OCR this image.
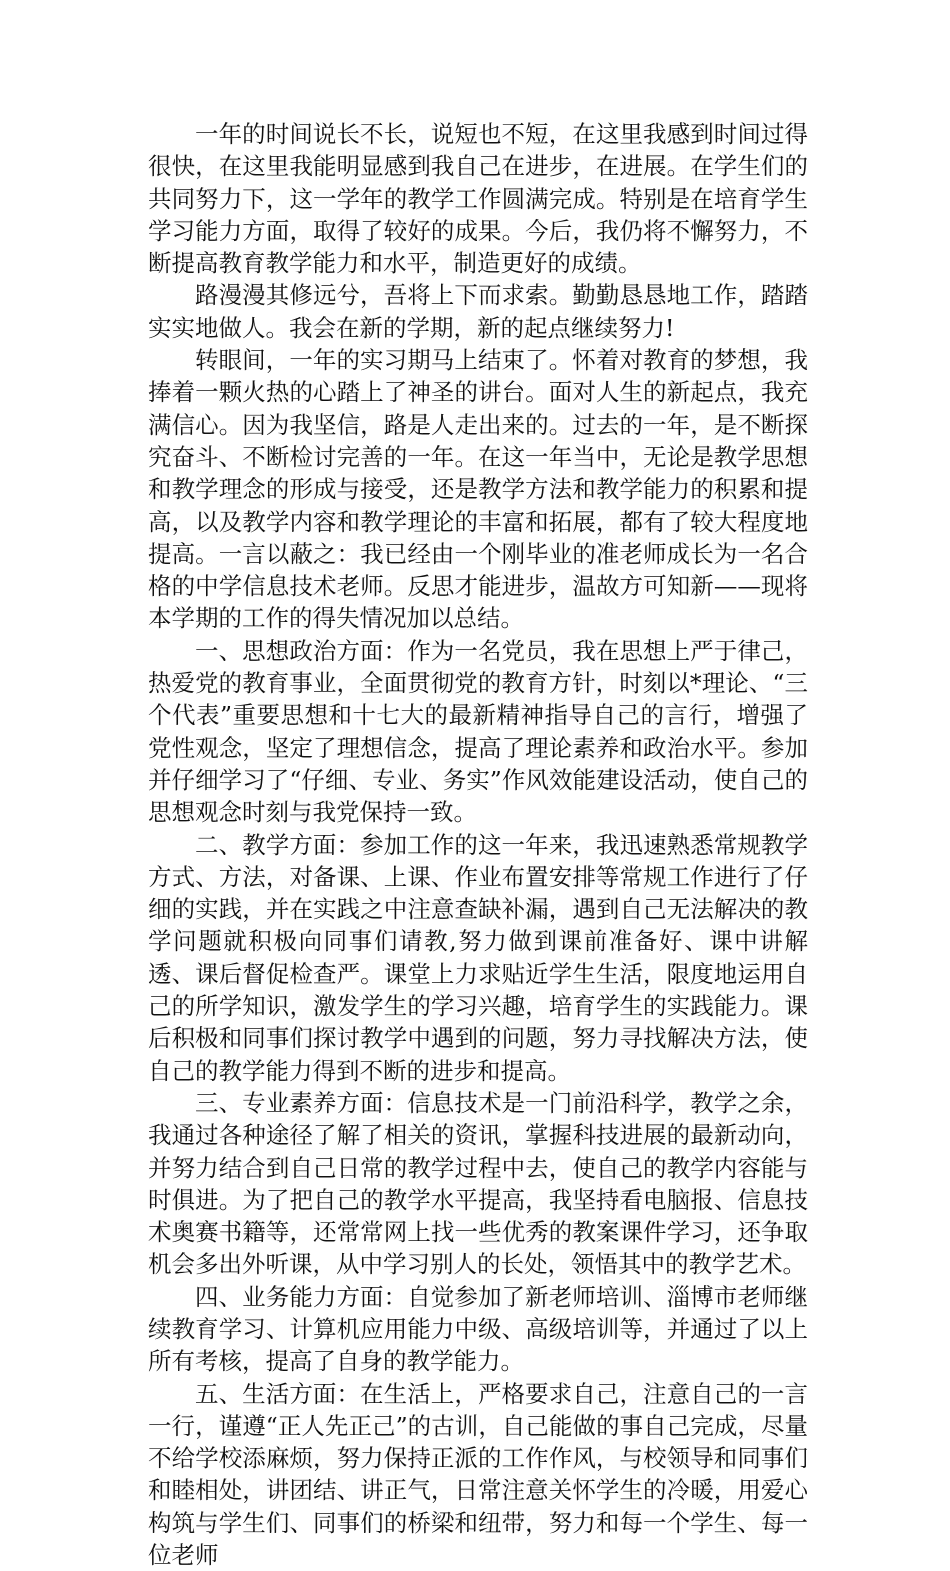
一年的时间说长不长，说短也不短，在这里我感到时间过得很快，在这里我能明显感到我自己在进步，在进展。在学生们的共同努力下，这一学年的教学工作圆满完成。特别是在培育学生学习能力方面，取得了较好的成果。今后，我仍将不懈努力，不断提高教育教学能力和水平，制造更好的成绩。

路漫漫其修远兮，吾将上下而求索。勤勤恳恳地工作，踏踏实实地做人。我会在新的学期，新的起点继续努力!

转眼间，一年的实习期马上结束了。怀着对教育的梦想，我捧着一颗火热的心踏上了神圣的讲台。面对人生的新起点，我充满信心。因为我坚信，路是人走出来的。过去的一年，是不断探究奋斗、不断检讨完善的一年。在这一年当中，无论是教学思想和教学理念的形成与接受，还是教学方法和教学能力的积累和提高，以及教学内容和教学理论的丰富和拓展，都有了较大程度地提高。一言以蔽之：我已经由一个刚毕业的准老师成长为一名合格的中学信息技术老师。反思才能进步，温故方可知新——现将本学期的工作的得失情况加以总结。

一、思想政治方面：作为一名党员，我在思想上严于律己，热爱党的教育事业，全面贯彻党的教育方针，时刻以*理论、“三个代表”重要思想和十七大的最新精神指导自己的言行，增强了党性观念，坚定了理想信念，提高了理论素养和政治水平。参加并仔细学习了“仔细、专业、务实”作风效能建设活动，使自己的思想观念时刻与我党保持一致。

二、教学方面：参加工作的这一年来，我迅速熟悉常规教学方式、方法，对备课、上课、作业布置安排等常规工作进行了仔细的实践，并在实践之中注意查缺补漏，遇到自己无法解决的教学问题就积极向同事们请教,努力做到课前准备好、课中讲解透、课后督促检查严。课堂上力求贴近学生生活，限度地运用自己的所学知识，激发学生的学习兴趣，培育学生的实践能力。课后积极和同事们探讨教学中遇到的问题，努力寻找解决方法，使自己的教学能力得到不断的进步和提高。

三、专业素养方面：信息技术是一门前沿科学，教学之余，我通过各种途径了解了相关的资讯，掌握科技进展的最新动向，并努力结合到自己日常的教学过程中去，使自己的教学内容能与时俱进。为了把自己的教学水平提高，我坚持看电脑报、信息技术奥赛书籍等，还常常网上找一些优秀的教案课件学习，还争取机会多出外听课，从中学习别人的长处，领悟其中的教学艺术。

四、业务能力方面：自觉参加了新老师培训、淄博市老师继续教育学习、计算机应用能力中级、高级培训等，并通过了以上所有考核，提高了自身的教学能力。

五、生活方面：在生活上，严格要求自己，注意自己的一言一行，谨遵“正人先正己”的古训，自己能做的事自己完成，尽量不给学校添麻烦，努力保持正派的工作作风，与校领导和同事们和睦相处，讲团结、讲正气，日常注意关怀学生的冷暖，用爱心构筑与学生们、同事们的桥梁和纽带，努力和每一个学生、每一位老师
